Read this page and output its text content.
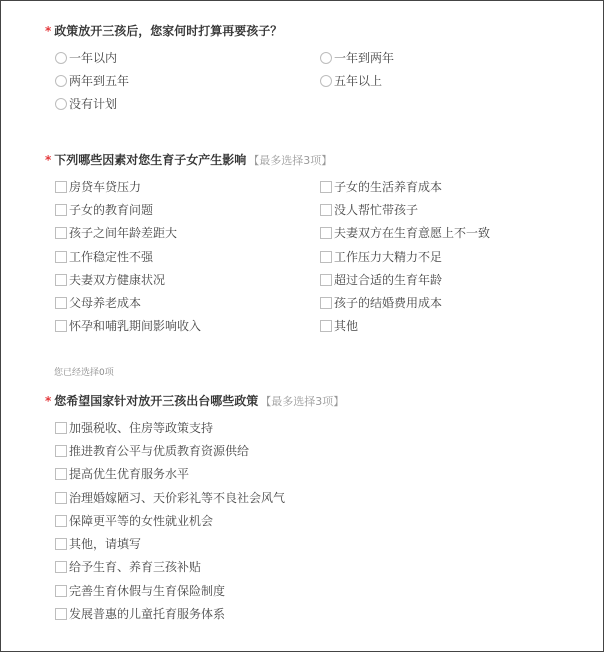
* 政策放开三孩后，您家何时打算再要孩子？
一年以内	一年到两年
两年到五年	五年以上
没有计划
* 下列哪些因素对您生育子女产生影响 【最多选择3项】
房贷车贷压力	子女的生活养育成本
子女的教育问题	没人帮忙带孩子
孩子之间年龄差距大	夫妻双方在生育意愿上不一致
工作稳定性不强	工作压力大精力不足
夫妻双方健康状况	超过合适的生育年龄
父母养老成本	孩子的结婚费用成本
怀孕和哺乳期间影响收入	其他
您已经选择0项
* 您希望国家针对放开三孩出台哪些政策 【最多选择3项】
加强税收、住房等政策支持
推进教育公平与优质教育资源供给
提高优生优育服务水平
治理婚嫁陋习、天价彩礼等不良社会风气
保障更平等的女性就业机会
其他，请填写
给予生育、养育三孩补贴
完善生育休假与生育保险制度
发展普惠的儿童托育服务体系
